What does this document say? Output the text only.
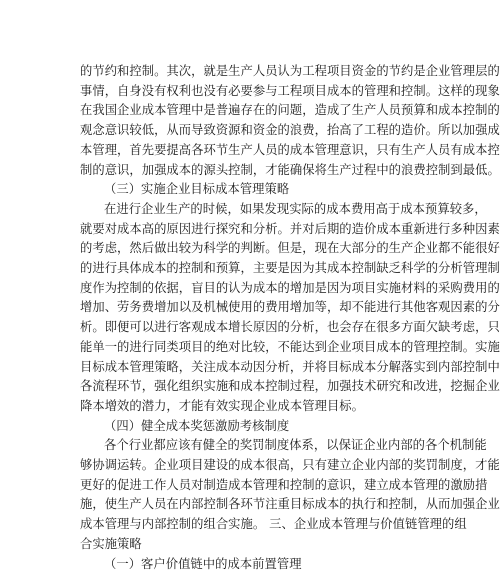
的节约和控制。其次，就是生产人员认为工程项目资金的节约是企业管理层的
事情，自身没有权利也没有必要参与工程项目成本的管理和控制。这样的现象
在我国企业成本管理中是普遍存在的问题，造成了生产人员预算和成本控制的
观念意识较低，从而导致资源和资金的浪费，抬高了工程的造价。所以加强成
本管理，首先要提高各环节生产人员的成本管理意识，只有生产人员有成本控
制的意识，加强成本的源头控制，才能确保将生产过程中的浪费控制到最低。
（三）实施企业目标成本管理策略
在进行企业生产的时候，如果发现实际的成本费用高于成本预算较多，
就要对成本高的原因进行探究和分析。并对后期的造价成本重新进行多种因素
的考虑，然后做出较为科学的判断。但是，现在大部分的生产企业都不能很好
的进行具体成本的控制和预算，主要是因为其成本控制缺乏科学的分析管理制
度作为控制的依据，盲目的认为成本的增加是因为项目实施材料的采购费用的
增加、劳务费增加以及机械使用的费用增加等，却不能进行其他客观因素的分
析。即便可以进行客观成本增长原因的分析，也会存在很多方面欠缺考虑，只
能单一的进行同类项目的绝对比较，不能达到企业项目成本的管理控制。实施
目标成本管理策略，关注成本动因分析，并将目标成本分解落实到内部控制中
各流程环节，强化组织实施和成本控制过程，加强技术研究和改进，挖掘企业
降本增效的潜力，才能有效实现企业成本管理目标。
（四）健全成本奖惩激励考核制度
各个行业都应该有健全的奖罚制度体系，以保证企业内部的各个机制能
够协调运转。企业项目建设的成本很高，只有建立企业内部的奖罚制度，才能
更好的促进工作人员对制造成本管理和控制的意识，建立成本管理的激励措
施，使生产人员在内部控制各环节注重目标成本的执行和控制，从而加强企业
成本管理与内部控制的组合实施。 三、企业成本管理与价值链管理的组
合实施策略
（一）客户价值链中的成本前置管理
